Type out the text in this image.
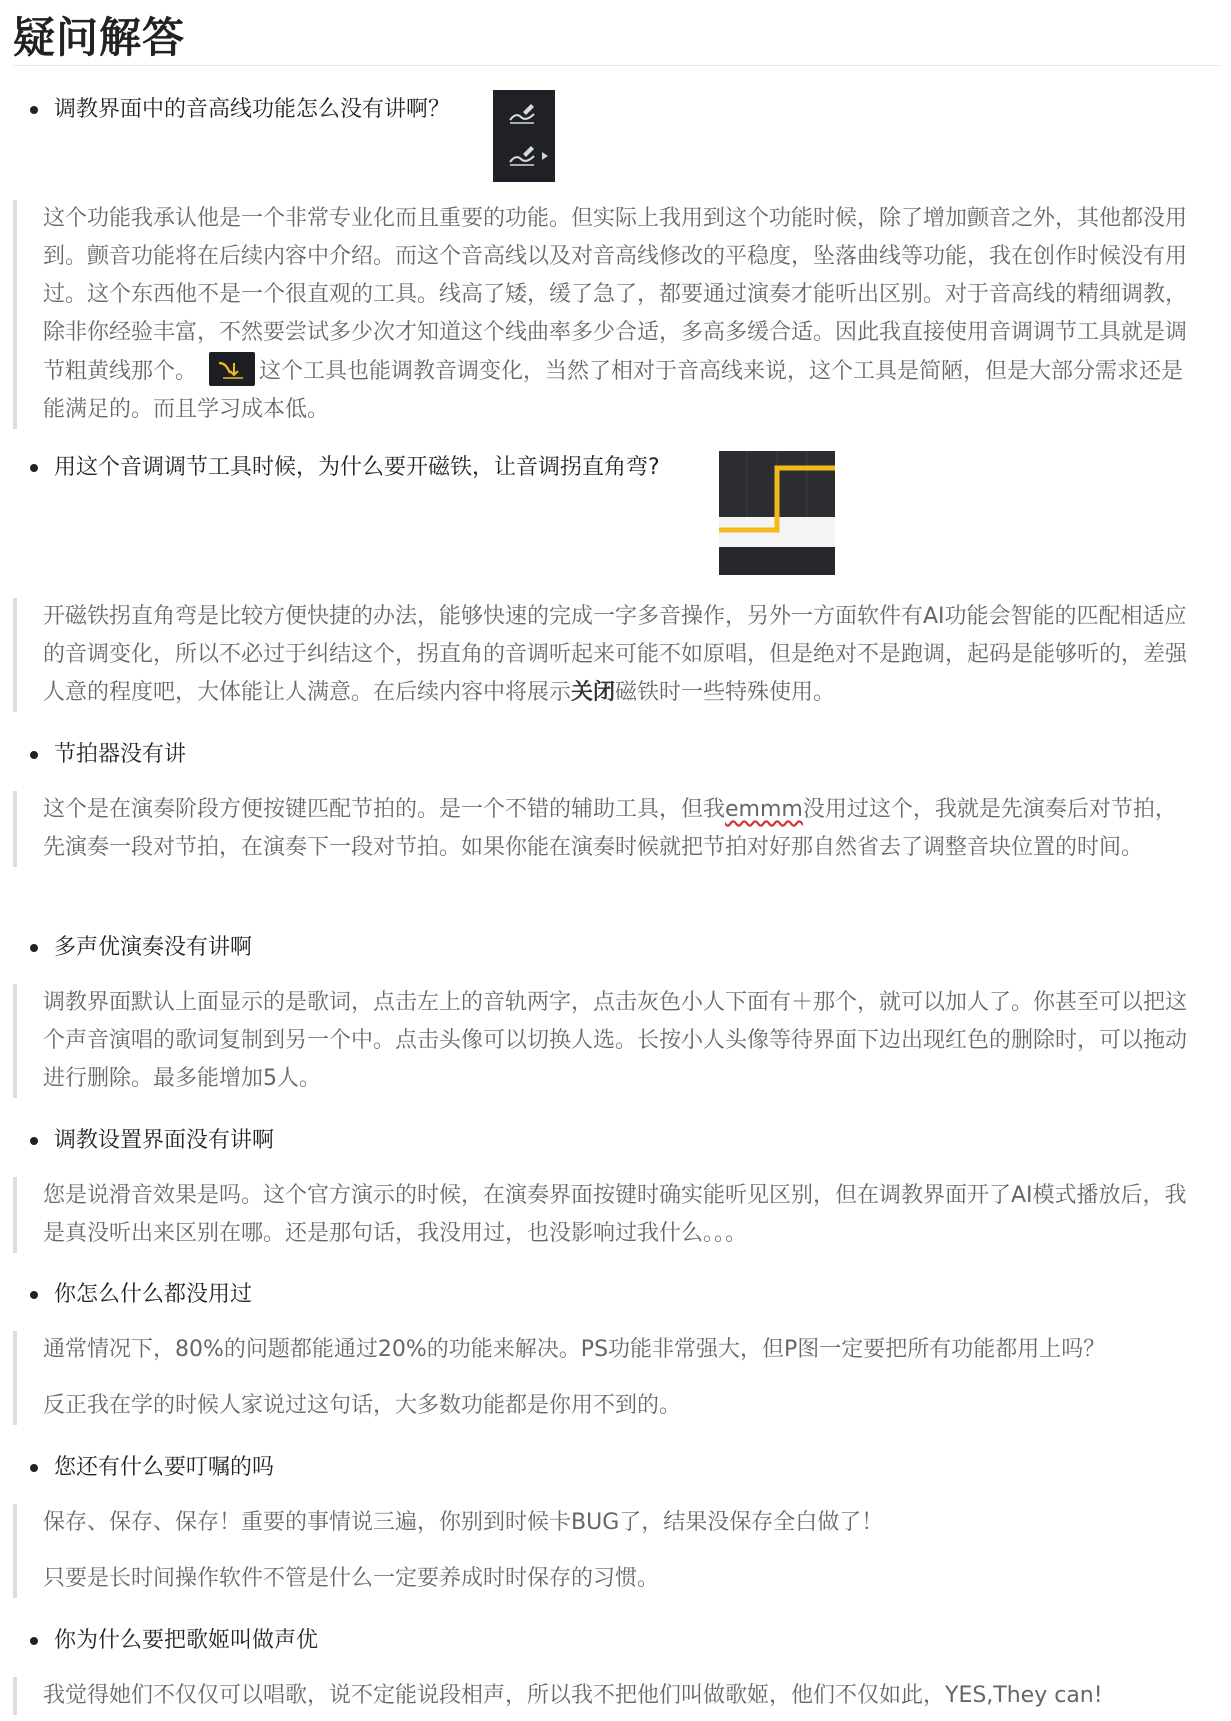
疑问解答
调教界面中的音高线功能怎么没有讲啊？

这个功能我承认他是一个非常专业化而且重要的功能。但实际上我用到这个功能时候，除了增加颤音之外，其他都没用到。颤音功能将在后续内容中介绍。而这个音高线以及对音高线修改的平稳度，坠落曲线等功能，我在创作时候没有用过。这个东西他不是一个很直观的工具。线高了矮，缓了急了，都要通过演奏才能听出区别。对于音高线的精细调教，除非你经验丰富，不然要尝试多少次才知道这个线曲率多少合适，多高多缓合适。因此我直接使用音调调节工具就是调节粗黄线那个。	这个工具也能调教音调变化，当然了相对于音高线来说，这个工具是简陋，但是大部分需求还是能满足的。而且学习成本低。

用这个音调调节工具时候，为什么要开磁铁，让音调拐直角弯?

开磁铁拐直角弯是比较方便快捷的办法，能够快速的完成一字多音操作，另外一方面软件有AI功能会智能的匹配相适应的音调变化，所以不必过于纠结这个，拐直角的音调听起来可能不如原唱，但是绝对不是跑调，起码是能够听的，差强人意的程度吧，大体能让人满意。在后续内容中将展示关闭磁铁时一些特殊使用。

节拍器没有讲

这个是在演奏阶段方便按键匹配节拍的。是一个不错的辅助工具，但我emmm没用过这个，我就是先演奏后对节拍，先演奏一段对节拍，在演奏下一段对节拍。如果你能在演奏时候就把节拍对好那自然省去了调整音块位置的时间。

多声优演奏没有讲啊

调教界面默认上面显示的是歌词，点击左上的音轨两字，点击灰色小人下面有＋那个，就可以加人了。你甚至可以把这个声音演唱的歌词复制到另一个中。点击头像可以切换人选。长按小人头像等待界面下边出现红色的删除时，可以拖动进行删除。最多能增加5人。

调教设置界面没有讲啊

您是说滑音效果是吗。这个官方演示的时候，在演奏界面按键时确实能听见区别，但在调教界面开了AI模式播放后，我是真没听出来区别在哪。还是那句话，我没用过，也没影响过我什么。。。

你怎么什么都没用过

通常情况下，80%的问题都能通过20%的功能来解决。PS功能非常强大，但P图一定要把所有功能都用上吗？

反正我在学的时候人家说过这句话，大多数功能都是你用不到的。

您还有什么要叮嘱的吗

保存、保存、保存！重要的事情说三遍，你别到时候卡BUG了，结果没保存全白做了！

只要是长时间操作软件不管是什么一定要养成时时保存的习惯。

你为什么要把歌姬叫做声优

我觉得她们不仅仅可以唱歌，说不定能说段相声，所以我不把他们叫做歌姬，他们不仅如此，YES,They can!
